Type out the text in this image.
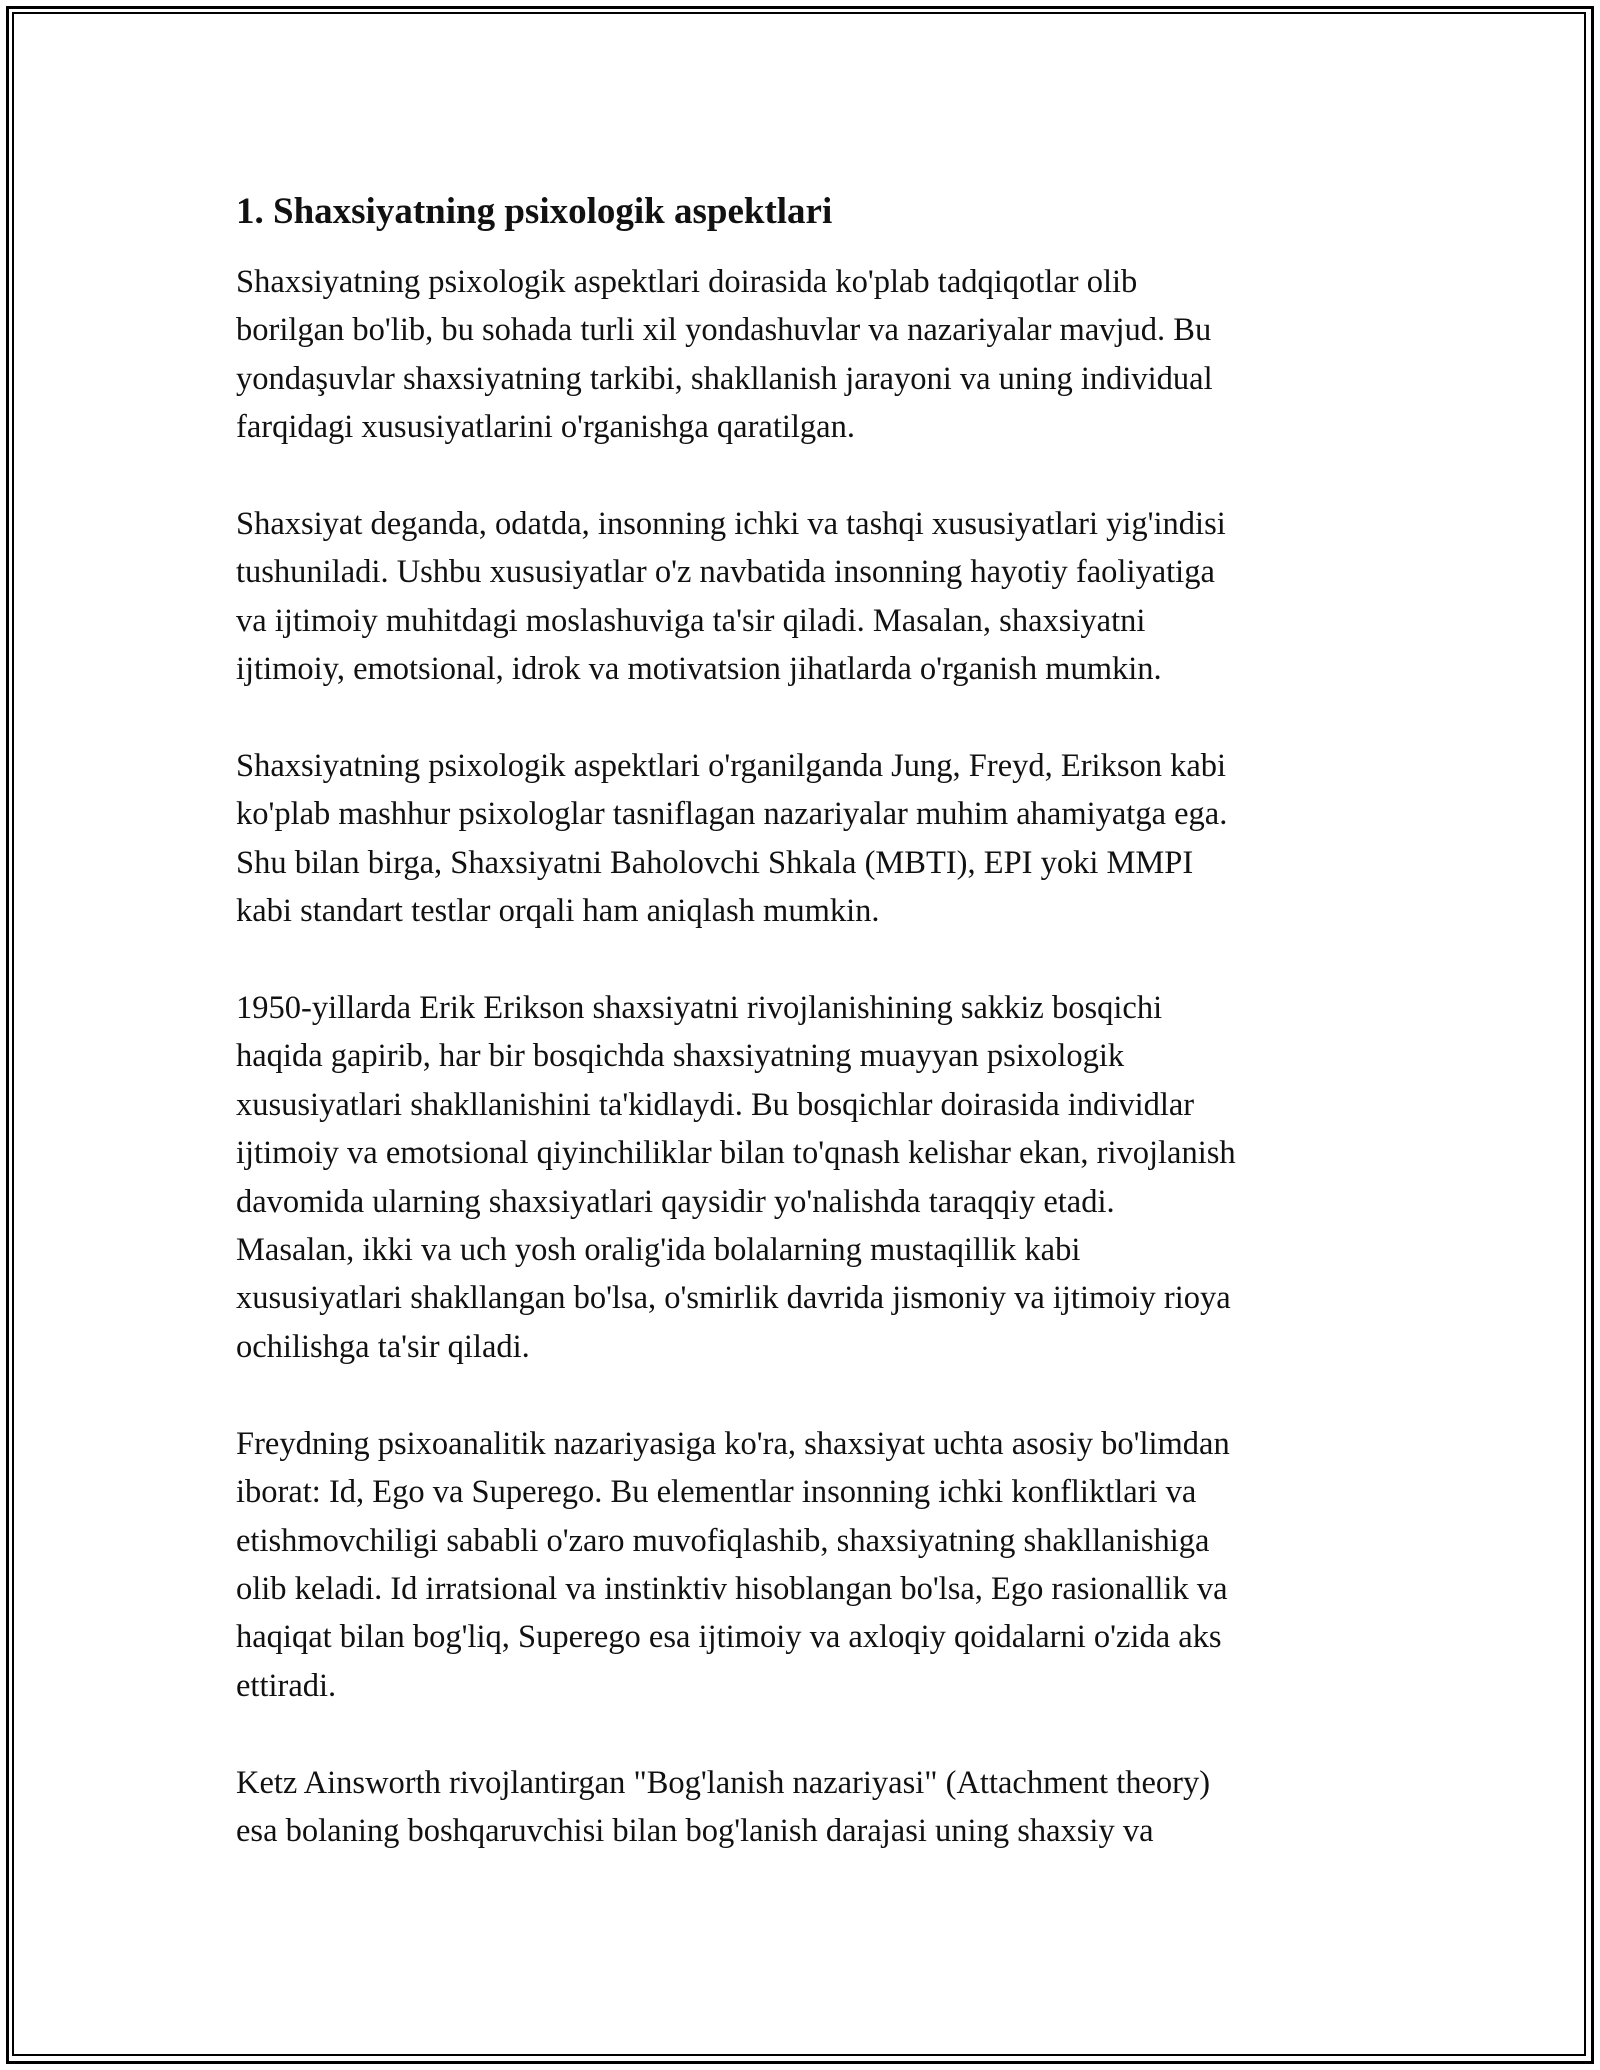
1. Shaxsiyatning psixologik aspektlari

Shaxsiyatning psixologik aspektlari doirasida ko'plab tadqiqotlar olib
borilgan bo'lib, bu sohada turli xil yondashuvlar va nazariyalar mavjud. Bu
yondaşuvlar shaxsiyatning tarkibi, shakllanish jarayoni va uning individual
farqidagi xususiyatlarini o'rganishga qaratilgan.

Shaxsiyat deganda, odatda, insonning ichki va tashqi xususiyatlari yig'indisi
tushuniladi. Ushbu xususiyatlar o'z navbatida insonning hayotiy faoliyatiga
va ijtimoiy muhitdagi moslashuviga ta'sir qiladi. Masalan, shaxsiyatni
ijtimoiy, emotsional, idrok va motivatsion jihatlarda o'rganish mumkin.

Shaxsiyatning psixologik aspektlari o'rganilganda Jung, Freyd, Erikson kabi
ko'plab mashhur psixologlar tasniflagan nazariyalar muhim ahamiyatga ega.
Shu bilan birga, Shaxsiyatni Baholovchi Shkala (MBTI), EPI yoki MMPI
kabi standart testlar orqali ham aniqlash mumkin.

1950-yillarda Erik Erikson shaxsiyatni rivojlanishining sakkiz bosqichi
haqida gapirib, har bir bosqichda shaxsiyatning muayyan psixologik
xususiyatlari shakllanishini ta'kidlaydi. Bu bosqichlar doirasida individlar
ijtimoiy va emotsional qiyinchiliklar bilan to'qnash kelishar ekan, rivojlanish
davomida ularning shaxsiyatlari qaysidir yo'nalishda taraqqiy etadi.
Masalan, ikki va uch yosh oralig'ida bolalarning mustaqillik kabi
xususiyatlari shakllangan bo'lsa, o'smirlik davrida jismoniy va ijtimoiy rioya
ochilishga ta'sir qiladi.

Freydning psixoanalitik nazariyasiga ko'ra, shaxsiyat uchta asosiy bo'limdan
iborat: Id, Ego va Superego. Bu elementlar insonning ichki konfliktlari va
etishmovchiligi sababli o'zaro muvofiqlashib, shaxsiyatning shakllanishiga
olib keladi. Id irratsional va instinktiv hisoblangan bo'lsa, Ego rasionallik va
haqiqat bilan bog'liq, Superego esa ijtimoiy va axloqiy qoidalarni o'zida aks
ettiradi.

Ketz Ainsworth rivojlantirgan "Bog'lanish nazariyasi" (Attachment theory)
esa bolaning boshqaruvchisi bilan bog'lanish darajasi uning shaxsiy va
